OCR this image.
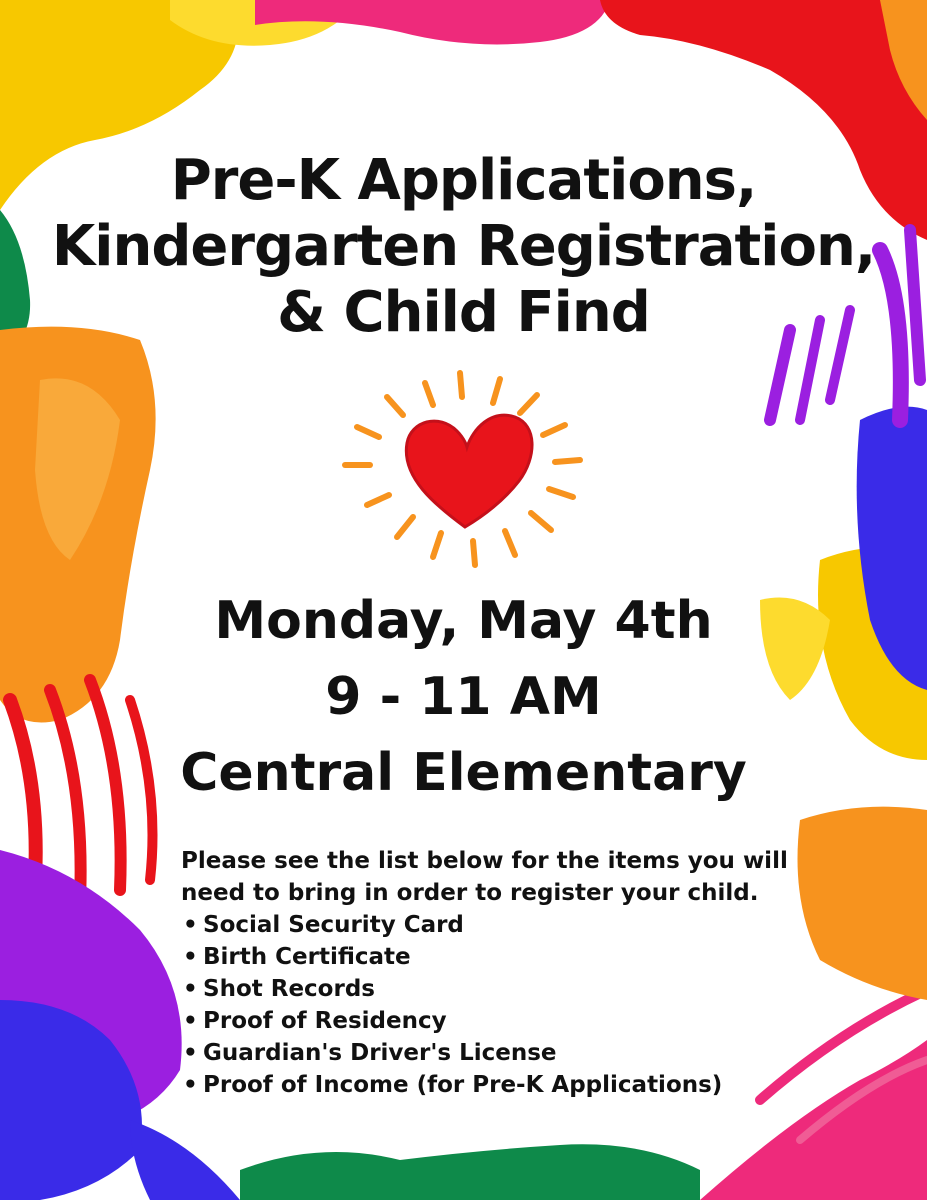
Pre-K Applications,
Kindergarten Registration,
& Child Find
Monday, May 4th
9 - 11 AM
Central Elementary

Please see the list below for the items you will need to bring in order to register your child.

• Social Security Card
• Birth Certificate
• Shot Records
• Proof of Residency
• Guardian's Driver's License
• Proof of Income (for Pre-K Applications)
